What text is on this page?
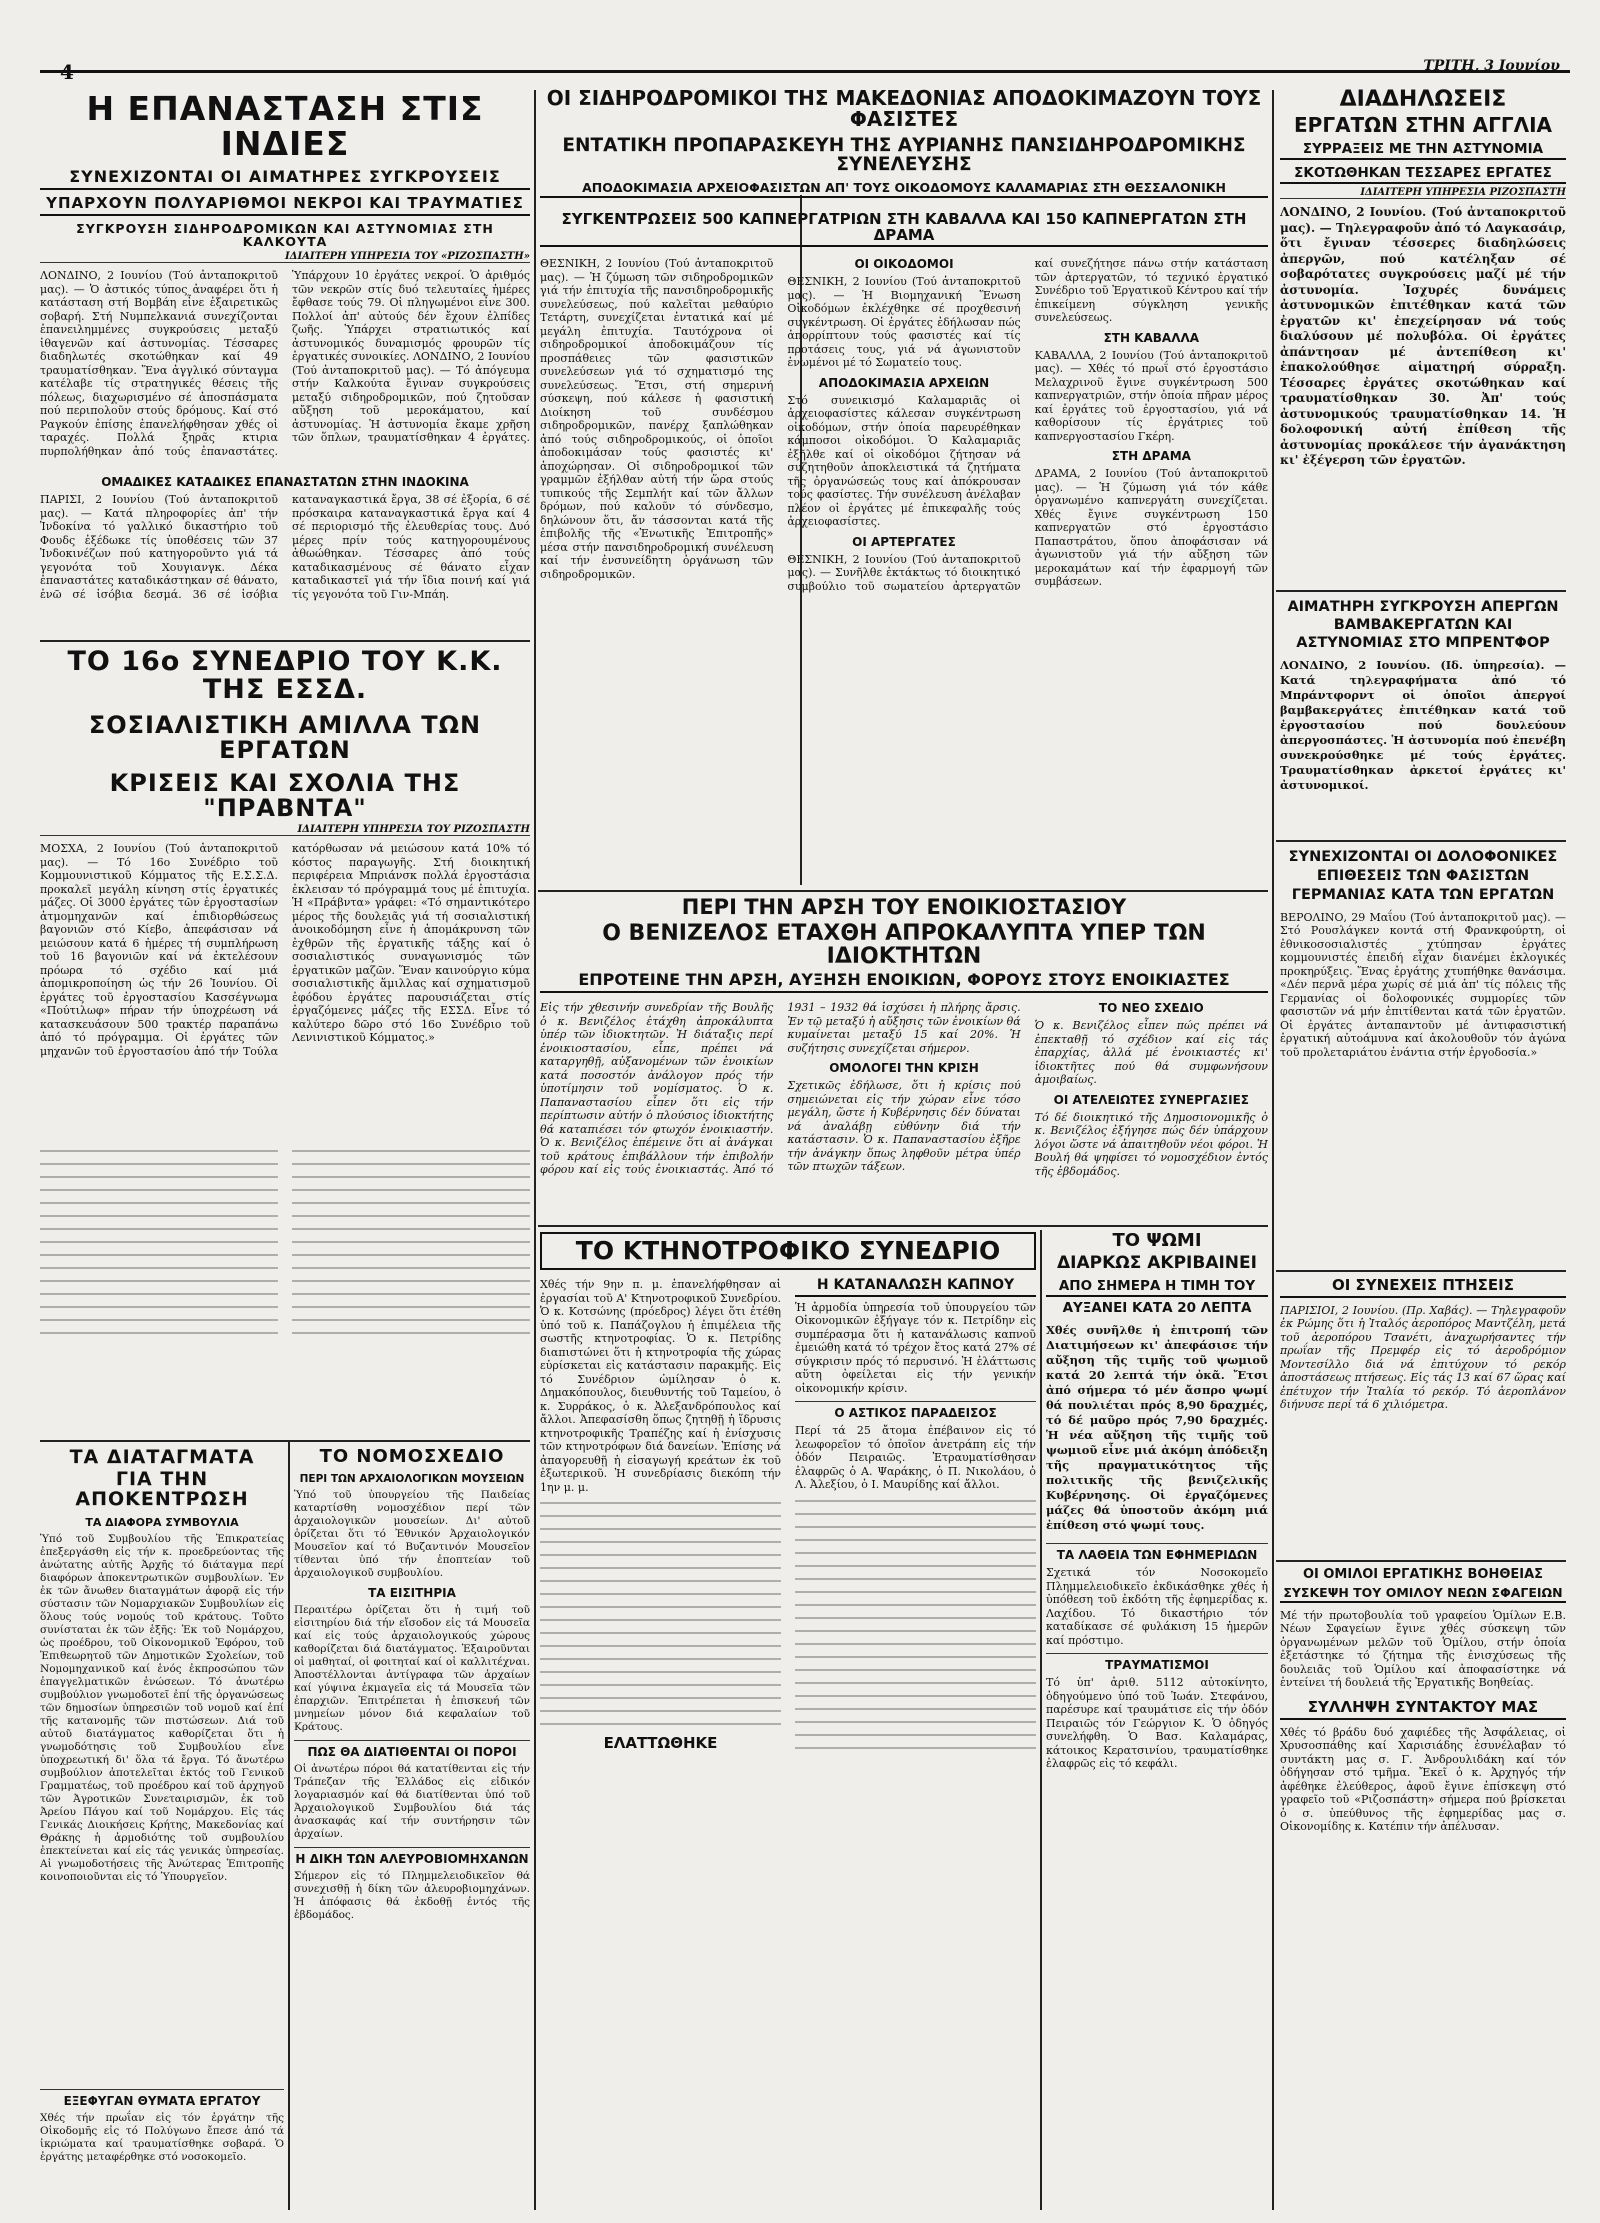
4	ΤΡΙΤΗ, 3 Ιουνίου
Η ΕΠΑΝΑΣΤΑΣΗ ΣΤΙΣ ΙΝΔΙΕΣ
ΣΥΝΕΧΙΖΟΝΤΑΙ ΟΙ ΑΙΜΑΤΗΡΕΣ ΣΥΓΚΡΟΥΣΕΙΣ
ΥΠΑΡΧΟΥΝ ΠΟΛΥΑΡΙΘΜΟΙ ΝΕΚΡΟΙ ΚΑΙ ΤΡΑΥΜΑΤΙΕΣ
ΣΥΓΚΡΟΥΣΗ ΣΙΔΗΡΟΔΡΟΜΙΚΩΝ ΚΑΙ ΑΣΤΥΝΟΜΙΑΣ ΣΤΗ ΚΑΛΚΟΥΤΑ
ΙΔΙΑΙΤΕΡΗ ΥΠΗΡΕΣΙΑ ΤΟΥ «ΡΙΖΟΣΠΑΣΤΗ»

ΛΟΝΔΙΝΟ, 2 Ιουνίου (Τού ἀνταποκριτοῦ μας). — Ὁ ἀστικός τύπος ἀναφέρει ὅτι ἡ κατάσταση στή Βομβάη εἶνε ἐξαιρετικῶς σοβαρή. Στή Νυμπελκανιά συνεχίζονται ἐπανειλημμένες συγκρούσεις μεταξύ ἰθαγενῶν καί ἀστυνομίας. Τέσσαρες διαδηλωτές σκοτώθηκαν καί 49 τραυματίσθηκαν. Ἕνα ἀγγλικό σύνταγμα κατέλαβε τίς στρατηγικές θέσεις τῆς πόλεως, διαχωρισμένο σέ ἀποσπάσματα πού περιπολοῦν στούς δρόμους. Καί στό Ραγκούν ἐπίσης ἐπανελήφθησαν χθές οἱ ταραχές. Πολλά ξηρᾶς κτιρια πυρπολήθηκαν ἀπό τούς ἐπαναστάτες. Ὑπάρχουν 10 ἐργάτες νεκροί. Ὁ ἀριθμός τῶν νεκρῶν στίς δυό τελευταίες ἡμέρες ἔφθασε τούς 79. Οἱ πληγωμένοι εἶνε 300. Πολλοί ἀπ' αὐτούς δέν ἔχουν ἐλπίδες ζωῆς. Ὑπάρχει στρατιωτικός καί ἀστυνομικός δυναμισμός φρουρῶν τίς ἐργατικές συνοικίες. ΛΟΝΔΙΝΟ, 2 Ιουνίου (Τού ἀνταποκριτοῦ μας). — Τό ἀπόγευμα στήν Καλκούτα ἔγιναν συγκρούσεις μεταξύ σιδηροδρομικῶν, πού ζητοῦσαν αὔξηση τοῦ μεροκάματου, καί ἀστυνομίας. Ἡ ἀστυνομία ἔκαμε χρῆση τῶν ὅπλων, τραυματίσθηκαν 4 ἐργάτες.

ΟΜΑΔΙΚΕΣ ΚΑΤΑΔΙΚΕΣ ΕΠΑΝΑΣΤΑΤΩΝ ΣΤΗΝ ΙΝΔΟΚΙΝΑ

ΠΑΡΙΣΙ, 2 Ιουνίου (Τού ἀνταποκριτοῦ μας). — Κατά πληροφορίες ἀπ' τήν Ἰνδοκίνα τό γαλλικό δικαστήριο τοῦ Φουδς ἐξέδωκε τίς ὑποθέσεις τῶν 37 Ἰνδοκινέζων πού κατηγοροῦντο γιά τά γεγονότα τοῦ Χουγιανγκ. Δέκα ἐπαναστάτες καταδικάστηκαν σέ θάνατο, ἐνῶ σέ ἰσόβια δεσμά. 36 σέ ἰσόβια καταναγκαστικά ἔργα, 38 σέ ἐξορία, 6 σέ πρόσκαιρα καταναγκαστικά ἔργα καί 4 σέ περιορισμό τῆς ἐλευθερίας τους. Δυό μέρες πρίν τούς κατηγορουμένους ἀθωώθηκαν. Τέσσαρες ἀπό τούς καταδικασμένους σέ θάνατο εἶχαν καταδικαστεῖ γιά τήν ἴδια ποινή καί γιά τίς γεγονότα τοῦ Γιν-Μπάη.

ΤΟ 16ο ΣΥΝΕΔΡΙΟ ΤΟΥ Κ.Κ. ΤΗΣ ΕΣΣΔ.
ΣΟΣΙΑΛΙΣΤΙΚΗ ΑΜΙΛΛΑ ΤΩΝ ΕΡΓΑΤΩΝ
ΚΡΙΣΕΙΣ ΚΑΙ ΣΧΟΛΙΑ ΤΗΣ "ΠΡΑΒΝΤΑ"
ΙΔΙΑΙΤΕΡΗ ΥΠΗΡΕΣΙΑ ΤΟΥ ΡΙΖΟΣΠΑΣΤΗ

ΜΟΣΧΑ, 2 Ιουνίου (Τού ἀνταποκριτοῦ μας). — Τό 16ο Συνέδριο τοῦ Κομμουνιστικοῦ Κόμματος τῆς Ε.Σ.Σ.Δ. προκαλεῖ μεγάλη κίνηση στίς ἐργατικές μάζες. Οἱ 3000 ἐργάτες τῶν ἐργοστασίων ἀτμομηχανῶν καί ἐπιδιορθώσεως βαγονιῶν στό Κίεβο, ἀπεφάσισαν νά μειώσουν κατά 6 ἡμέρες τή συμπλήρωση τοῦ 16 βαγονιῶν καί νά ἐκτελέσουν πρόωρα τό σχέδιο καί μιά ἀπομικροποίηση ὡς τήν 26 Ἰουνίου. Οἱ ἐργάτες τοῦ ἐργοστασίου Κασσέγνωμα «Πούτιλωφ» πήραν τήν ὑποχρέωση νά κατασκευάσουν 500 τρακτέρ παραπάνω ἀπό τό πρόγραμμα. Οἱ ἐργάτες τῶν μηχανῶν τοῦ ἐργοστασίου ἀπό τήν Τούλα κατόρθωσαν νά μειώσουν κατά 10% τό κόστος παραγωγῆς. Στή διοικητική περιφέρεια Μπριάνσκ πολλά ἐργοστάσια ἐκλεισαν τό πρόγραμμά τους μέ ἐπιτυχία. Ἡ «Πράβντα» γράφει: «Τό σημαντικότερο μέρος τῆς δουλειᾶς γιά τή σοσιαλιστική ἀνοικοδόμηση εἶνε ἡ ἀπομάκρυνση τῶν ἐχθρῶν τῆς ἐργατικῆς τάξης καί ὁ σοσιαλιστικός συναγωνισμός τῶν ἐργατικῶν μαζῶν. Ἕναν καινούργιο κύμα σοσιαλιστικῆς ἅμιλλας καί σχηματισμοῦ ἐφόδου ἐργάτες παρουσιάζεται στίς ἐργαζόμενες μάζες τῆς ΕΣΣΔ. Εἶνε τό καλύτερο δῶρο στό 16ο Συνέδριο τοῦ Λενινιστικοῦ Κόμματος.»

ΤΑ ΔΙΑΤΑΓΜΑΤΑ
ΓΙΑ ΤΗΝ ΑΠΟΚΕΝΤΡΩΣΗ
ΤΑ ΔΙΑΦΟΡΑ ΣΥΜΒΟΥΛΙΑ

Ὑπό τοῦ Συμβουλίου τῆς Ἐπικρατείας ἐπεξεργάσθη εἰς τήν κ. προεδρεύοντας τῆς ἀνώτατης αὐτῆς Ἀρχῆς τό διάταγμα περί διαφόρων ἀποκεντρωτικῶν συμβουλίων. Ἐν ἐκ τῶν ἄνωθεν διαταγμάτων ἀφορᾷ εἰς τήν σύστασιν τῶν Νομαρχιακῶν Συμβουλίων εἰς ὅλους τούς νομούς τοῦ κράτους. Τοῦτο συνίσταται ἐκ τῶν ἑξῆς: Ἐκ τοῦ Νομάρχου, ὡς προέδρου, τοῦ Οἰκονομικοῦ Ἐφόρου, τοῦ Ἐπιθεωρητοῦ τῶν Δημοτικῶν Σχολείων, τοῦ Νομομηχανικοῦ καί ἑνός ἐκπροσώπου τῶν ἐπαγγελματικῶν ἑνώσεων. Τό ἀνωτέρω συμβούλιον γνωμοδοτεῖ ἐπί τῆς ὀργανώσεως τῶν δημοσίων ὑπηρεσιῶν τοῦ νομοῦ καί ἐπί τῆς κατανομῆς τῶν πιστώσεων. Διά τοῦ αὐτοῦ διατάγματος καθορίζεται ὅτι ἡ γνωμοδότησις τοῦ Συμβουλίου εἶνε ὑποχρεωτική δι' ὅλα τά ἔργα. Τό ἄνωτέρω συμβούλιον ἀποτελεῖται ἐκτός τοῦ Γενικοῦ Γραμματέως, τοῦ προέδρου καί τοῦ ἀρχηγοῦ τῶν Ἀγροτικῶν Συνεταιρισμῶν, ἐκ τοῦ Ἀρείου Πάγου καί τοῦ Νομάρχου. Εἰς τάς Γενικάς Διοικήσεις Κρήτης, Μακεδονίας καί Θράκης ἡ ἀρμοδιότης τοῦ συμβουλίου ἐπεκτείνεται καί εἰς τάς γενικάς ὑπηρεσίας. Αἱ γνωμοδοτήσεις τῆς Ἀνώτερας Ἐπιτροπῆς κοινοποιοῦνται εἰς τό Ὑπουργεῖον.

ΕΞΕΦΥΓΑΝ ΘΥΜΑΤΑ ΕΡΓΑΤΟΥ

Χθές τήν πρωΐαν εἰς τόν ἐργάτην τῆς Οἰκοδομῆς εἰς τό Πολύγωνο ἔπεσε ἀπό τά ἰκριώματα καί τραυματίσθηκε σοβαρά. Ὁ ἐργάτης μεταφέρθηκε στό νοσοκομεῖο.

ΤΟ ΝΟΜΟΣΧΕΔΙΟ
ΠΕΡΙ ΤΩΝ ΑΡΧΑΙΟΛΟΓΙΚΩΝ ΜΟΥΣΕΙΩΝ

Ὑπό τοῦ ὑπουργείου τῆς Παιδείας καταρτίσθη νομοσχέδιον περί τῶν ἀρχαιολογικῶν μουσείων. Δι' αὐτοῦ ὁρίζεται ὅτι τό Ἐθνικόν Ἀρχαιολογικόν Μουσεῖον καί τό Βυζαντινόν Μουσεῖον τίθενται ὑπό τήν ἐποπτείαν τοῦ ἀρχαιολογικοῦ συμβουλίου.

ΤΑ ΕΙΣΙΤΗΡΙΑ

Περαιτέρω ὁρίζεται ὅτι ἡ τιμή τοῦ εἰσιτηρίου διά τήν εἴσοδον εἰς τά Μουσεῖα καί εἰς τούς ἀρχαιολογικούς χώρους καθορίζεται διά διατάγματος. Ἐξαιροῦνται οἱ μαθηταί, οἱ φοιτηταί καί οἱ καλλιτέχναι. Ἀποστέλλονται ἀντίγραφα τῶν ἀρχαίων καί γύψινα ἐκμαγεῖα εἰς τά Μουσεῖα τῶν ἐπαρχιῶν. Ἐπιτρέπεται ἡ ἐπισκευή τῶν μνημείων μόνον διά κεφαλαίων τοῦ Κράτους.

ΠΩΣ ΘΑ ΔΙΑΤΙΘΕΝΤΑΙ ΟΙ ΠΟΡΟΙ

Οἱ ἀνωτέρω πόροι θά κατατίθενται εἰς τήν Τράπεζαν τῆς Ἑλλάδος εἰς εἰδικόν λογαριασμόν καί θά διατίθενται ὑπό τοῦ Ἀρχαιολογικοῦ Συμβουλίου διά τάς ἀνασκαφάς καί τήν συντήρησιν τῶν ἀρχαίων.

Η ΔΙΚΗ ΤΩΝ ΑΛΕΥΡΟΒΙΟΜΗΧΑΝΩΝ

Σήμερον εἰς τό Πλημμελειοδικεῖον θά συνεχισθῇ ἡ δίκη τῶν ἀλευροβιομηχάνων. Ἡ ἀπόφασις θά ἐκδοθῇ ἐντός τῆς ἑβδομάδος.

ΟΙ ΣΙΔΗΡΟΔΡΟΜΙΚΟΙ ΤΗΣ ΜΑΚΕΔΟΝΙΑΣ ΑΠΟΔΟΚΙΜΑΖΟΥΝ ΤΟΥΣ ΦΑΣΙΣΤΕΣ
ΕΝΤΑΤΙΚΗ ΠΡΟΠΑΡΑΣΚΕΥΗ ΤΗΣ ΑΥΡΙΑΝΗΣ ΠΑΝΣΙΔΗΡΟΔΡΟΜΙΚΗΣ ΣΥΝΕΛΕΥΣΗΣ
ΑΠΟΔΟΚΙΜΑΣΙΑ ΑΡΧΕΙΟΦΑΣΙΣΤΩΝ ΑΠ' ΤΟΥΣ ΟΙΚΟΔΟΜΟΥΣ ΚΑΛΑΜΑΡΙΑΣ ΣΤΗ ΘΕΣΣΑΛΟΝΙΚΗ
ΣΥΓΚΕΝΤΡΩΣΕΙΣ 500 ΚΑΠΝΕΡΓΑΤΡΙΩΝ ΣΤΗ ΚΑΒΑΛΛΑ ΚΑΙ 150 ΚΑΠΝΕΡΓΑΤΩΝ ΣΤΗ ΔΡΑΜΑ

ΘΕΣΝΙΚΗ, 2 Ιουνίου (Τού ἀνταποκριτοῦ μας). — Ἡ ζύμωση τῶν σιδηροδρομικῶν γιά τήν ἐπιτυχία τῆς πανσιδηροδρομικῆς συνελεύσεως, πού καλεῖται μεθαύριο Τετάρτη, συνεχίζεται ἐντατικά καί μέ μεγάλη ἐπιτυχία. Ταυτόχρονα οἱ σιδηροδρομικοί ἀποδοκιμάζουν τίς προσπάθειες τῶν φασιστικῶν συνελεύσεων γιά τό σχηματισμό της συνελεύσεως. Ἔτσι, στή σημερινή σύσκεψη, πού κάλεσε ἡ φασιστική Διοίκηση τοῦ συνδέσμου σιδηροδρομικῶν, πανέρχ ξαπλώθηκαν ἀπό τούς σιδηροδρομικούς, οἱ ὁποῖοι ἀποδοκιμάσαν τούς φασιστές κι' ἀποχώρησαν. Οἱ σιδηροδρομικοί τῶν γραμμῶν ἐξήλθαν αὐτή τήν ὥρα στούς τυπικούς τῆς Σεμπλήτ καί τῶν ἄλλων δρόμων, πού καλοῦν τό σύνδεσμο, δηλώνουν ὅτι, ἄν τάσσονται κατά τῆς ἐπιβολῆς τῆς «Ἑνωτικῆς Ἐπιτροπῆς» μέσα στήν πανσιδηροδρομική συνέλευση καί τήν ἐνσυνείδητη ὀργάνωση τῶν σιδηροδρομικῶν.

ΟΙ ΟΙΚΟΔΟΜΟΙ

ΘΕΣΝΙΚΗ, 2 Ιουνίου (Τού ἀνταποκριτοῦ μας). — Ἡ Βιομηχανική Ἕνωση Οἰκοδόμων ἐκλέχθηκε σέ προχθεσινή συγκέντρωση. Οἱ ἐργάτες ἐδήλωσαν πώς ἀπορρίπτουν τούς φασιστές καί τίς προτάσεις τους, γιά νά ἀγωνιστοῦν ἑνωμένοι μέ τό Σωματείο τους.

ΑΠΟΔΟΚΙΜΑΣΙΑ ΑΡΧΕΙΩΝ

Στό συνεικισμό Καλαμαριᾶς οἱ ἀρχειοφασίστες κάλεσαν συγκέντρωση οἰκοδόμων, στήν ὁποία παρευρέθηκαν κάμποσοι οἰκοδόμοι. Ὁ Καλαμαριᾶς ἐξῆλθε καί οἱ οἰκοδόμοι ζήτησαν νά συζητηθοῦν ἀποκλειστικά τά ζητήματα τῆς ὀργανώσεώς τους καί ἀπόκρουσαν τούς φασίστες. Τήν συνέλευση ἀνέλαβαν πλέον οἱ ἐργάτες μέ ἐπικεφαλῆς τούς ἀρχειοφασίστες.

ΟΙ ΑΡΤΕΡΓΑΤΕΣ

ΘΕΣΝΙΚΗ, 2 Ιουνίου (Τού ἀνταποκριτοῦ μας). — Συνῆλθε ἐκτάκτως τό διοικητικό συμβούλιο τοῦ σωματείου ἀρτεργατῶν καί συνεζήτησε πάνω στήν κατάσταση τῶν ἀρτεργατῶν, τό τεχνικό ἐργατικό Συνέδριο τοῦ Ἐργατικοῦ Κέντρου καί τήν ἐπικείμενη σύγκληση γενικῆς συνελεύσεως.

ΣΤΗ ΚΑΒΑΛΛΑ

ΚΑΒΑΛΛΑ, 2 Ιουνίου (Τού ἀνταποκριτοῦ μας). — Χθές τό πρωΐ στό ἐργοστάσιο Μελαχρινοῦ ἔγινε συγκέντρωση 500 καπνεργατριῶν, στήν ὁποία πῆραν μέρος καί ἐργάτες τοῦ ἐργοστασίου, γιά νά καθορίσουν τίς ἐργάτριες τοῦ καπνεργοστασίου Γκέρη.

ΣΤΗ ΔΡΑΜΑ

ΔΡΑΜΑ, 2 Ιουνίου (Τού ἀνταποκριτοῦ μας). — Ἡ ζύμωση γιά τόν κάθε ὀργανωμένο καπνεργάτη συνεχίζεται. Χθές ἔγινε συγκέντρωση 150 καπνεργατῶν στό ἐργοστάσιο Παπαστράτου, ὅπου ἀποφάσισαν νά ἀγωνιστοῦν γιά τήν αὔξηση τῶν μεροκαμάτων καί τήν ἐφαρμογή τῶν συμβάσεων.

ΠΕΡΙ ΤΗΝ ΑΡΣΗ ΤΟΥ ΕΝΟΙΚΙΟΣΤΑΣΙΟΥ
Ο ΒΕΝΙΖΕΛΟΣ ΕΤΑΧΘΗ ΑΠΡΟΚΑΛΥΠΤΑ ΥΠΕΡ ΤΩΝ ΙΔΙΟΚΤΗΤΩΝ
ΕΠΡΟΤΕΙΝΕ ΤΗΝ ΑΡΣΗ, ΑΥΞΗΣΗ ΕΝΟΙΚΙΩΝ, ΦΟΡΟΥΣ ΣΤΟΥΣ ΕΝΟΙΚΙΑΣΤΕΣ

Εἰς τήν χθεσινήν συνεδρίαν τῆς Βουλῆς ὁ κ. Βενιζέλος ἐτάχθη ἀπροκάλυπτα ὑπέρ τῶν ἰδιοκτητῶν. Ἡ διάταξις περί ἐνοικιοστασίου, εἶπε, πρέπει νά καταργηθῇ, αὐξανομένων τῶν ἐνοικίων κατά ποσοστόν ἀνάλογον πρός τήν ὑποτίμησιν τοῦ νομίσματος. Ὁ κ. Παπαναστασίου εἶπεν ὅτι εἰς τήν περίπτωσιν αὐτήν ὁ πλούσιος ἰδιοκτήτης θά καταπιέσει τόν φτωχόν ἐνοικιαστήν. Ὁ κ. Βενιζέλος ἐπέμεινε ὅτι αἱ ἀνάγκαι τοῦ κράτους ἐπιβάλλουν τήν ἐπιβολήν φόρου καί εἰς τούς ἐνοικιαστάς. Ἀπό τό 1931 – 1932 θά ἰσχύσει ἡ πλήρης ἄρσις. Ἐν τῷ μεταξύ ἡ αὔξησις τῶν ἐνοικίων θά κυμαίνεται μεταξύ 15 καί 20%. Ἡ συζήτησις συνεχίζεται σήμερον.

ΟΜΟΛΟΓΕΙ ΤΗΝ ΚΡΙΣΗ

Σχετικῶς ἐδήλωσε, ὅτι ἡ κρίσις πού σημειώνεται εἰς τήν χώραν εἶνε τόσο μεγάλη, ὥστε ἡ Κυβέρνησις δέν δύναται νά ἀναλάβῃ εὐθύνην διά τήν κατάστασιν. Ὁ κ. Παπαναστασίου ἐξῆρε τήν ἀνάγκην ὅπως ληφθοῦν μέτρα ὑπέρ τῶν πτωχῶν τάξεων.

ΤΟ ΝΕΟ ΣΧΕΔΙΟ

Ὁ κ. Βενιζέλος εἶπεν πώς πρέπει νά ἐπεκταθῇ τό σχέδιον καί εἰς τάς ἐπαρχίας, ἀλλά μέ ἐνοικιαστές κι' ἰδιοκτῆτες πού θά συμφωνήσουν ἀμοιβαίως.

ΟΙ ΑΤΕΛΕΙΩΤΕΣ ΣΥΝΕΡΓΑΣΙΕΣ

Τό δέ διοικητικό τῆς Δημοσιονομικῆς ὁ κ. Βενιζέλος ἐξήγησε πώς δέν ὑπάρχουν λόγοι ὥστε νά ἀπαιτηθοῦν νέοι φόροι. Ἡ Βουλή θά ψηφίσει τό νομοσχέδιον ἐντός τῆς ἑβδομάδος.

ΤΟ ΚΤΗΝΟΤΡΟΦΙΚΟ ΣΥΝΕΔΡΙΟ

Χθές τήν 9ην π. μ. ἐπανελήφθησαν αἱ ἐργασίαι τοῦ Α' Κτηνοτροφικοῦ Συνεδρίου. Ὁ κ. Κοτσώνης (πρόεδρος) λέγει ὅτι ἐτέθη ὑπό τοῦ κ. Παπάζογλου ἡ ἐπιμέλεια τῆς σωστῆς κτηνοτροφίας. Ὁ κ. Πετρίδης διαπιστώνει ὅτι ἡ κτηνοτροφία τῆς χώρας εὑρίσκεται εἰς κατάστασιν παρακμῆς. Εἰς τό Συνέδριον ὠμίλησαν ὁ κ. Δημακόπουλος, διευθυντής τοῦ Ταμείου, ὁ κ. Συρράκος, ὁ κ. Ἀλεξανδρόπουλος καί ἄλλοι. Ἀπεφασίσθη ὅπως ζητηθῇ ἡ ἵδρυσις κτηνοτροφικῆς Τραπέζης καί ἡ ἐνίσχυσις τῶν κτηνοτρόφων διά δανείων. Ἐπίσης νά ἀπαγορευθῇ ἡ εἰσαγωγή κρεάτων ἐκ τοῦ ἐξωτερικοῦ. Ἡ συνεδρίασις διεκόπη τήν 1ην μ. μ.

ΕΛΑΤΤΩΘΗΚΕ
Η ΚΑΤΑΝΑΛΩΣΗ ΚΑΠΝΟΥ

Ἡ ἀρμοδία ὑπηρεσία τοῦ ὑπουργείου τῶν Οἰκονομικῶν ἐξήγαγε τόν κ. Πετρίδην εἰς συμπέρασμα ὅτι ἡ κατανάλωσις καπνοῦ ἐμειώθη κατά τό τρέχον ἔτος κατά 27% σέ σύγκρισιν πρός τό περυσινό. Ἡ ἐλάττωσις αὕτη ὀφείλεται εἰς τήν γενικήν οἰκονομικήν κρίσιν.

Ο ΑΣΤΙΚΟΣ ΠΑΡΑΔΕΙΣΟΣ

Περί τά 25 ἄτομα ἐπέβαινον εἰς τό λεωφορεῖον τό ὁποῖον ἀνετράπη εἰς τήν ὁδόν Πειραιῶς. Ἐτραυματίσθησαν ἐλαφρῶς ὁ Α. Ψαράκης, ὁ Π. Νικολάου, ὁ Λ. Ἀλεξίου, ὁ Ι. Μαυρίδης καί ἄλλοι.

ΤΟ ΨΩΜΙ
ΔΙΑΡΚΩΣ ΑΚΡΙΒΑΙΝΕΙ
ΑΠΟ ΣΗΜΕΡΑ Η ΤΙΜΗ ΤΟΥ
ΑΥΞΑΝΕΙ ΚΑΤΑ 20 ΛΕΠΤΑ

Χθές συνῆλθε ἡ ἐπιτροπή τῶν Διατιμήσεων κι' ἀπεφάσισε τήν αὔξηση τῆς τιμῆς τοῦ ψωμιοῦ κατά 20 λεπτά τήν ὀκᾶ. Ἔτσι ἀπό σήμερα τό μέν ἄσπρο ψωμί θά πουλιέται πρός 8,90 δραχμές, τό δέ μαῦρο πρός 7,90 δραχμές. Ἡ νέα αὔξηση τῆς τιμῆς τοῦ ψωμιοῦ εἶνε μιά ἀκόμη ἀπόδειξη τῆς πραγματικότητος τῆς πολιτικῆς τῆς βενιζελικῆς Κυβέρνησης. Οἱ ἐργαζόμενες μάζες θά ὑποστοῦν ἀκόμη μιά ἐπίθεση στό ψωμί τους.

ΤΑ ΛΑΘΕΙΑ ΤΩΝ ΕΦΗΜΕΡΙΔΩΝ

Σχετικά τόν Νοσοκομεῖο Πλημμελειοδικεῖο ἐκδικάσθηκε χθές ἡ ὑπόθεση τοῦ ἐκδότη τῆς ἐφημερίδας κ. Λαχίδου. Τό δικαστήριο τόν καταδίκασε σέ φυλάκιση 15 ἡμερῶν καί πρόστιμο.

ΤΡΑΥΜΑΤΙΣΜΟΙ

Τό ὑπ' ἀριθ. 5112 αὐτοκίνητο, ὁδηγούμενο ὑπό τοῦ Ἰωάν. Στεφάνου, παρέσυρε καί τραυμάτισε εἰς τήν ὁδόν Πειραιῶς τόν Γεώργιον Κ. Ὁ ὁδηγός συνελήφθη. Ὁ Βασ. Καλαμάρας, κάτοικος Κερατσινίου, τραυματίσθηκε ἐλαφρῶς εἰς τό κεφάλι.

ΔΙΑΔΗΛΩΣΕΙΣ
ΕΡΓΑΤΩΝ ΣΤΗΝ ΑΓΓΛΙΑ
ΣΥΡΡΑΞΕΙΣ ΜΕ ΤΗΝ ΑΣΤΥΝΟΜΙΑ
ΣΚΟΤΩΘΗΚΑΝ ΤΕΣΣΑΡΕΣ ΕΡΓΑΤΕΣ
ΙΔΙΑΙΤΕΡΗ ΥΠΗΡΕΣΙΑ ΡΙΖΟΣΠΑΣΤΗ

ΛΟΝΔΙΝΟ, 2 Ιουνίου. (Τού ἀνταποκριτοῦ μας). — Τηλεγραφοῦν ἀπό τό Λαγκασάιρ, ὅτι ἔγιναν τέσσερες διαδηλώσεις ἀπεργῶν, πού κατέληξαν σέ σοβαρότατες συγκρούσεις μαζί μέ τήν ἀστυνομία. Ἰσχυρές δυνάμεις ἀστυνομικῶν ἐπιτέθηκαν κατά τῶν ἐργατῶν κι' ἐπεχείρησαν νά τούς διαλύσουν μέ πολυβόλα. Οἱ ἐργάτες ἀπάντησαν μέ ἀντεπίθεση κι' ἐπακολούθησε αἱματηρή σύρραξη. Τέσσαρες ἐργάτες σκοτώθηκαν καί τραυματίσθηκαν 30. Ἀπ' τούς ἀστυνομικούς τραυματίσθηκαν 14. Ἡ δολοφονική αὐτή ἐπίθεση τῆς ἀστυνομίας προκάλεσε τήν ἀγανάκτηση κι' ἐξέγερση τῶν ἐργατῶν.

ΑΙΜΑΤΗΡΗ ΣΥΓΚΡΟΥΣΗ ΑΠΕΡΓΩΝ ΒΑΜΒΑΚΕΡΓΑΤΩΝ ΚΑΙ ΑΣΤΥΝΟΜΙΑΣ ΣΤΟ ΜΠΡΕΝΤΦΟΡ

ΛΟΝΔΙΝΟ, 2 Ιουνίου. (Ιδ. ὑπηρεσία). — Κατά τηλεγραφήματα ἀπό τό Μπράντφορντ οἱ ὁποῖοι ἀπεργοί βαμβακεργάτες ἐπιτέθηκαν κατά τοῦ ἐργοστασίου πού δουλεύουν ἀπεργοσπάστες. Ἡ ἀστυνομία πού ἐπενέβη συνεκρούσθηκε μέ τούς ἐργάτες. Τραυματίσθηκαν ἀρκετοί ἐργάτες κι' ἀστυνομικοί.

ΣΥΝΕΧΙΖΟΝΤΑΙ ΟΙ ΔΟΛΟΦΟΝΙΚΕΣ ΕΠΙΘΕΣΕΙΣ ΤΩΝ ΦΑΣΙΣΤΩΝ ΓΕΡΜΑΝΙΑΣ ΚΑΤΑ ΤΩΝ ΕΡΓΑΤΩΝ

ΒΕΡΟΛΙΝΟ, 29 Μαΐου (Τού ἀνταποκριτοῦ μας). — Στό Ρουσλάγκεν κοντά στή Φρανκφούρτη, οἱ ἐθνικοσοσιαλιστές χτύπησαν ἐργάτες κομμουνιστές ἐπειδή εἶχαν διανέμει ἐκλογικές προκηρύξεις. Ἕνας ἐργάτης χτυπήθηκε θανάσιμα. «Δέν περνᾶ μέρα χωρίς σέ μιά ἀπ' τίς πόλεις τῆς Γερμανίας οἱ δολοφονικές συμμορίες τῶν φασιστῶν νά μήν ἐπιτίθενται κατά τῶν ἐργατῶν. Οἱ ἐργάτες ἀνταπαντοῦν μέ ἀντιφασιστική ἐργατική αὐτοάμυνα καί ἀκολουθοῦν τόν ἀγώνα τοῦ προλεταριάτου ἐνάντια στήν ἐργοδοσία.»

ΟΙ ΣΥΝΕΧΕΙΣ ΠΤΗΣΕΙΣ

ΠΑΡΙΣΙΟΙ, 2 Ιουνίου. (Πρ. Χαβάς). — Τηλεγραφοῦν ἐκ Ρώμης ὅτι ἡ Ἰταλός ἀεροπόρος Μαντζέλη, μετά τοῦ ἀεροπόρου Τσανέτι, ἀναχωρήσαντες τήν πρωΐαν τῆς Πρεμφέρ εἰς τό ἀεροδρόμιον Μοντεσίλλο διά νά ἐπιτύχουν τό ρεκόρ ἀποστάσεως πτήσεως. Εἰς τάς 13 καί 67 ὥρας καί ἐπέτυχον τήν Ἰταλία τό ρεκόρ. Τό ἀεροπλάνον διήνυσε περί τά 6 χιλιόμετρα.

ΟΙ ΟΜΙΛΟΙ ΕΡΓΑΤΙΚΗΣ ΒΟΗΘΕΙΑΣ
ΣΥΣΚΕΨΗ ΤΟΥ ΟΜΙΛΟΥ ΝΕΩΝ ΣΦΑΓΕΙΩΝ

Μέ τήν πρωτοβουλία τοῦ γραφείου Ὁμίλων Ε.Β. Νέων Σφαγείων ἔγινε χθές σύσκεψη τῶν ὀργανωμένων μελῶν τοῦ Ὁμίλου, στήν ὁποία ἐξετάστηκε τό ζήτημα τῆς ἐνισχύσεως τῆς δουλειᾶς τοῦ Ὁμίλου καί ἀποφασίστηκε νά ἐντείνει τή δουλειά τῆς Ἐργατικῆς Βοηθείας.

ΣΥΛΛΗΨΗ ΣΥΝΤΑΚΤΟΥ ΜΑΣ

Χθές τό βράδυ δυό χαφιέδες τῆς Ἀσφάλειας, οἱ Χρυσοσπάθης καί Χαρισιάδης ἐσυνέλαβαν τό συντάκτη μας σ. Γ. Ἀνδρουλιδάκη καί τόν ὁδήγησαν στό τμῆμα. Ἔκεῖ ὁ κ. Ἀρχηγός τήν ἀφέθηκε ἐλεύθερος, ἀφοῦ ἔγινε ἐπίσκεψη στό γραφεῖο τοῦ «Ριζοσπάστη» σήμερα πού βρίσκεται ὁ σ. ὑπεύθυνος τῆς ἐφημερίδας μας σ. Οἰκονομίδης κ. Κατέπιν τήν ἀπέλυσαν.
